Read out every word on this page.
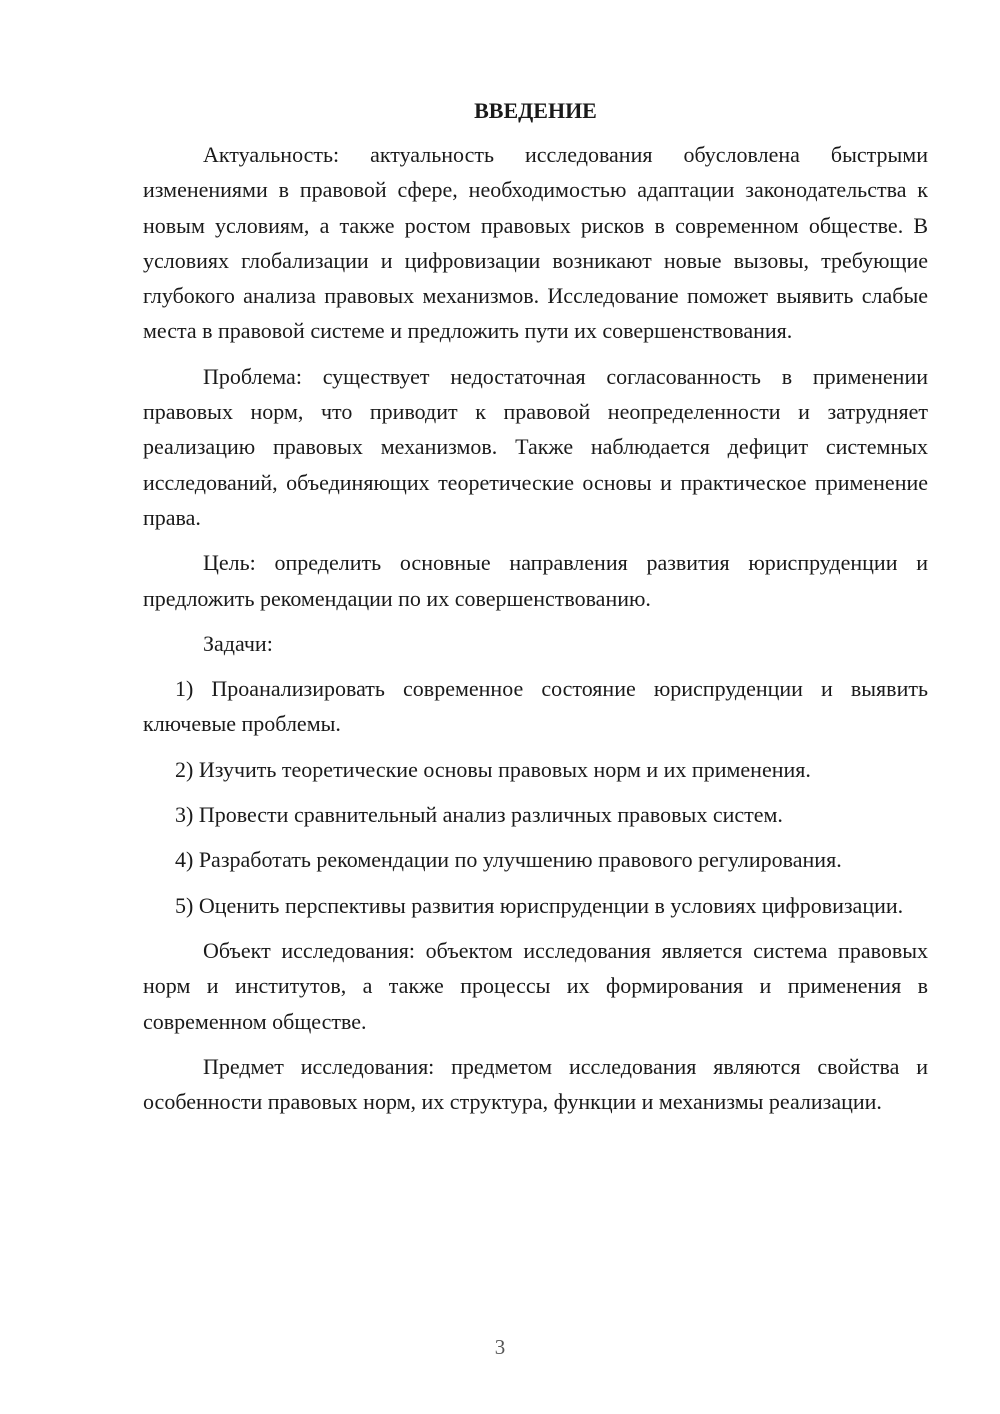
ВВЕДЕНИЕ

Актуальность: актуальность исследования обусловлена быстрыми изменениями в правовой сфере, необходимостью адаптации законодательства к новым условиям, а также ростом правовых рисков в современном обществе. В условиях глобализации и цифровизации возникают новые вызовы, требующие глубокого анализа правовых механизмов. Исследование поможет выявить слабые места в правовой системе и предложить пути их совершенствования.

Проблема: существует недостаточная согласованность в применении правовых норм, что приводит к правовой неопределенности и затрудняет реализацию правовых механизмов. Также наблюдается дефицит системных исследований, объединяющих теоретические основы и практическое применение права.

Цель: определить основные направления развития юриспруденции и предложить рекомендации по их совершенствованию.

Задачи:

1) Проанализировать современное состояние юриспруденции и выявить ключевые проблемы.

2) Изучить теоретические основы правовых норм и их применения.

3) Провести сравнительный анализ различных правовых систем.

4) Разработать рекомендации по улучшению правового регулирования.

5) Оценить перспективы развития юриспруденции в условиях цифровизации.

Объект исследования: объектом исследования является система правовых норм и институтов, а также процессы их формирования и применения в современном обществе.

Предмет исследования: предметом исследования являются свойства и особенности правовых норм, их структура, функции и механизмы реализации.

3
